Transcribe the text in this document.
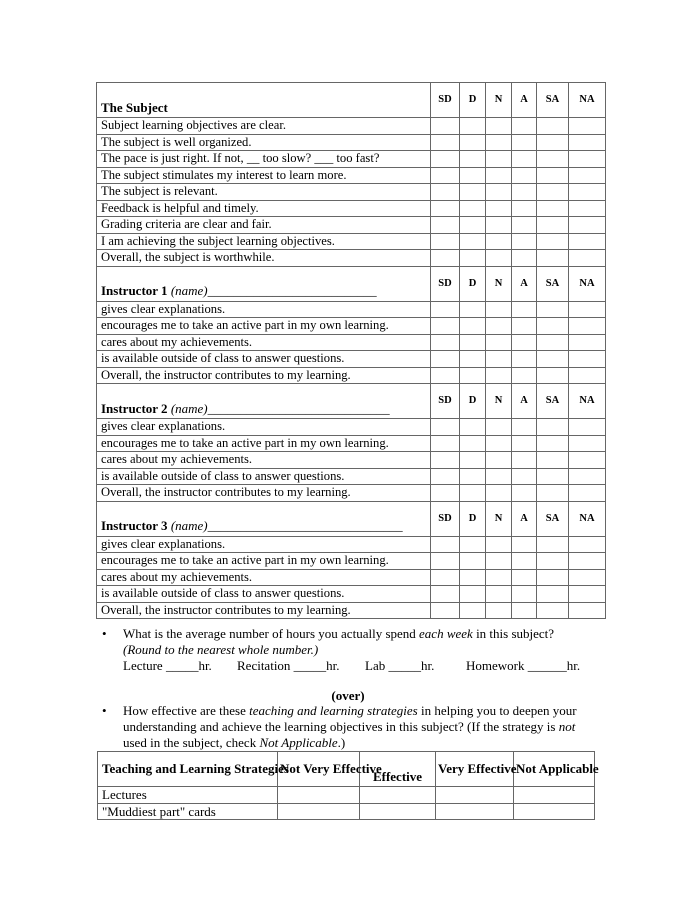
The Subject	SD	D	N	A	SA	NA
Subject learning objectives are clear.						
The subject is well organized.						
The pace is just right. If not, __ too slow? ___ too fast?						
The subject stimulates my interest to learn more.						
The subject is relevant.						
Feedback is helpful and timely.						
Grading criteria are clear and fair.						
I am achieving the subject learning objectives.						
Overall, the subject is worthwhile.						
Instructor 1 (name)__________________________	SD	D	N	A	SA	NA
gives clear explanations.						
encourages me to take an active part in my own learning.						
cares about my achievements.						
is available outside of class to answer questions.						
Overall, the instructor contributes to my learning.						
Instructor 2 (name)____________________________	SD	D	N	A	SA	NA
gives clear explanations.						
encourages me to take an active part in my own learning.						
cares about my achievements.						
is available outside of class to answer questions.						
Overall, the instructor contributes to my learning.						
Instructor 3 (name)______________________________	SD	D	N	A	SA	NA
gives clear explanations.						
encourages me to take an active part in my own learning.						
cares about my achievements.						
is available outside of class to answer questions.						
Overall, the instructor contributes to my learning.						
• What is the average number of hours you actually spend each week in this subject?
(Round to the nearest whole number.)
Lecture _____hr. Recitation _____hr. Lab _____hr. Homework ______hr.
(over)
• How effective are these teaching and learning strategies in helping you to deepen your understanding and achieve the learning objectives in this subject? (If the strategy is not used in the subject, check Not Applicable.)
Teaching and Learning Strategies	Not Very Effective	Effective	Very Effective	Not Applicable
Lectures				
"Muddiest part" cards				
